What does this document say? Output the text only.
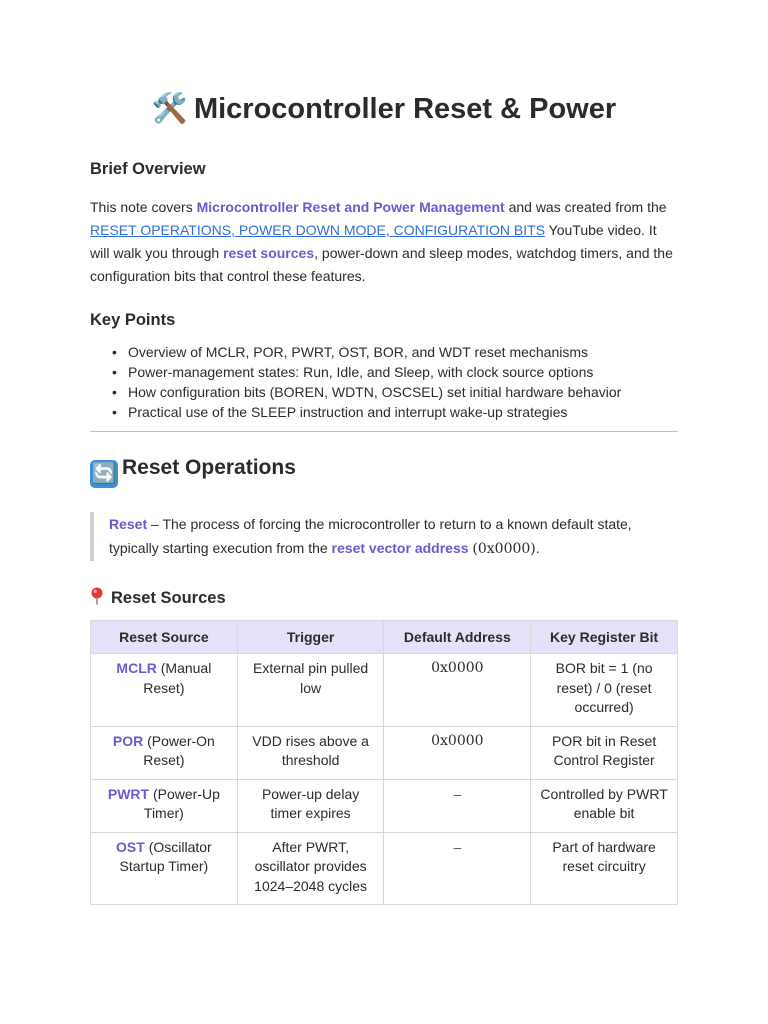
🛠️ Microcontroller Reset & Power
Brief Overview
This note covers Microcontroller Reset and Power Management and was created from the RESET OPERATIONS, POWER DOWN MODE, CONFIGURATION BITS YouTube video. It will walk you through reset sources, power-down and sleep modes, watchdog timers, and the configuration bits that control these features.
Key Points
• Overview of MCLR, POR, PWRT, OST, BOR, and WDT reset mechanisms
• Power-management states: Run, Idle, and Sleep, with clock source options
• How configuration bits (BOREN, WDTN, OSCSEL) set initial hardware behavior
• Practical use of the SLEEP instruction and interrupt wake-up strategies
🔄 Reset Operations
Reset – The process of forcing the microcontroller to return to a known default state, typically starting execution from the reset vector address (0x0000).
Reset Sources
Reset Source	Trigger	Default Address	Key Register Bit
MCLR (Manual Reset)	External pin pulled low	0x0000	BOR bit = 1 (no reset) / 0 (reset occurred)
POR (Power-On Reset)	VDD rises above a threshold	0x0000	POR bit in Reset Control Register
PWRT (Power-Up Timer)	Power-up delay timer expires	–	Controlled by PWRT enable bit
OST (Oscillator Startup Timer)	After PWRT, oscillator provides 1024–2048 cycles	–	Part of hardware reset circuitry
